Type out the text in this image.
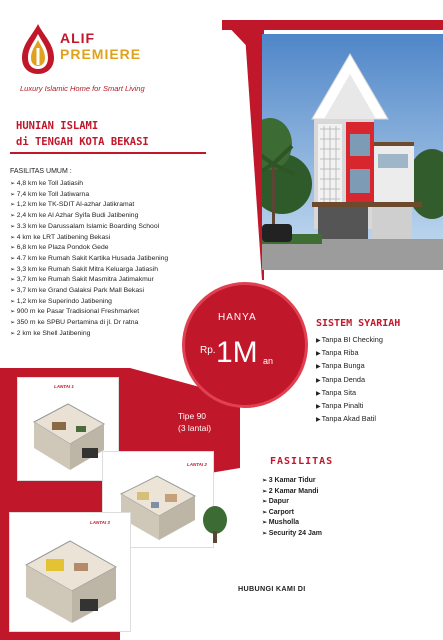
ALIF
PREMIERE
Luxury Islamic Home for Smart Living
HUNIAN ISLAMI
di TENGAH KOTA BEKASI
FASILITAS UMUM :
➢ 4,8 km ke Toll Jatiasih
➢ 7,4 km ke Toll Jatiwarna
➢ 1,2 km ke TK-SDIT Al-azhar Jatikramat
➢ 2,4 km ke Al Azhar Syifa Budi Jatibening
➢ 3.3 km ke Darussalam Islamic Boarding School
➢ 4 km ke LRT Jatibening Bekasi
➢ 6,8 km ke Plaza Pondok Gede
➢ 4.7 km ke Rumah Sakit Kartika Husada Jatibening
➢ 3,3 km ke Rumah Sakit Mitra Keluarga Jatiasih
➢ 3,7 km ke Rumah Sakit Masmitra Jatimakmur
➢ 3,7 km ke Grand Galaksi Park Mall Bekasi
➢ 1,2 km ke Superindo Jatibening
➢ 900 m ke Pasar Tradisional Freshmarket
➢ 350 m ke SPBU Pertamina di jl. Dr ratna
➢ 2 km ke Shell Jatibening
HANYA
Rp. 1M an
SISTEM SYARIAH
▶ Tanpa BI Checking
▶ Tanpa Riba
▶ Tanpa Bunga
▶ Tanpa Denda
▶ Tanpa Sita
▶ Tanpa Pinalti
▶ Tanpa Akad Batil
Tipe 90
(3 lantai)
LANTAI 1
LANTAI 2
LANTAI 3
FASILITAS
➢ 3 Kamar Tidur
➢ 2 Kamar Mandi
➢ Dapur
➢ Carport
➢ Musholla
➢ Security 24 Jam
HUBUNGI KAMI DI
